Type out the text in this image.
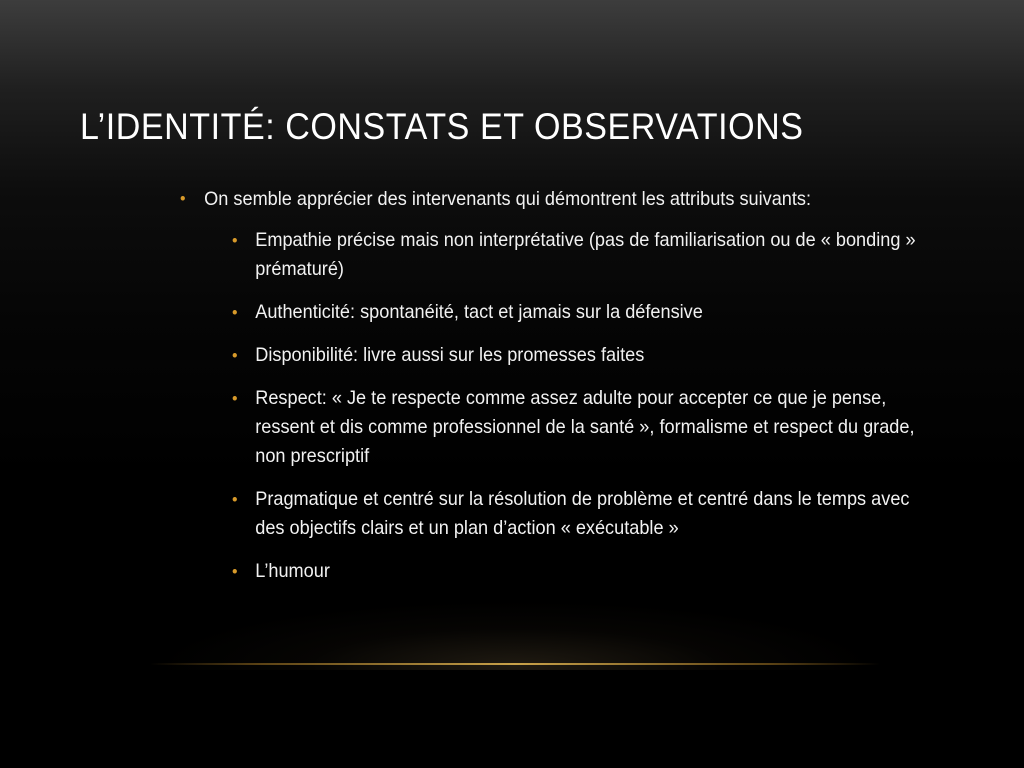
L’IDENTITÉ: CONSTATS ET OBSERVATIONS
• On semble apprécier des intervenants qui démontrent les attributs suivants:
• Empathie précise mais non interprétative (pas de familiarisation ou de « bonding » prématuré)
• Authenticité: spontanéité, tact et jamais sur la défensive
• Disponibilité: livre aussi sur les promesses faites
• Respect: « Je te respecte comme assez adulte pour accepter ce que je pense, ressent et dis comme professionnel de la santé », formalisme et respect du grade, non prescriptif
• Pragmatique et centré sur la résolution de problème et centré dans le temps avec des objectifs clairs et un plan d’action « exécutable »
• L’humour
